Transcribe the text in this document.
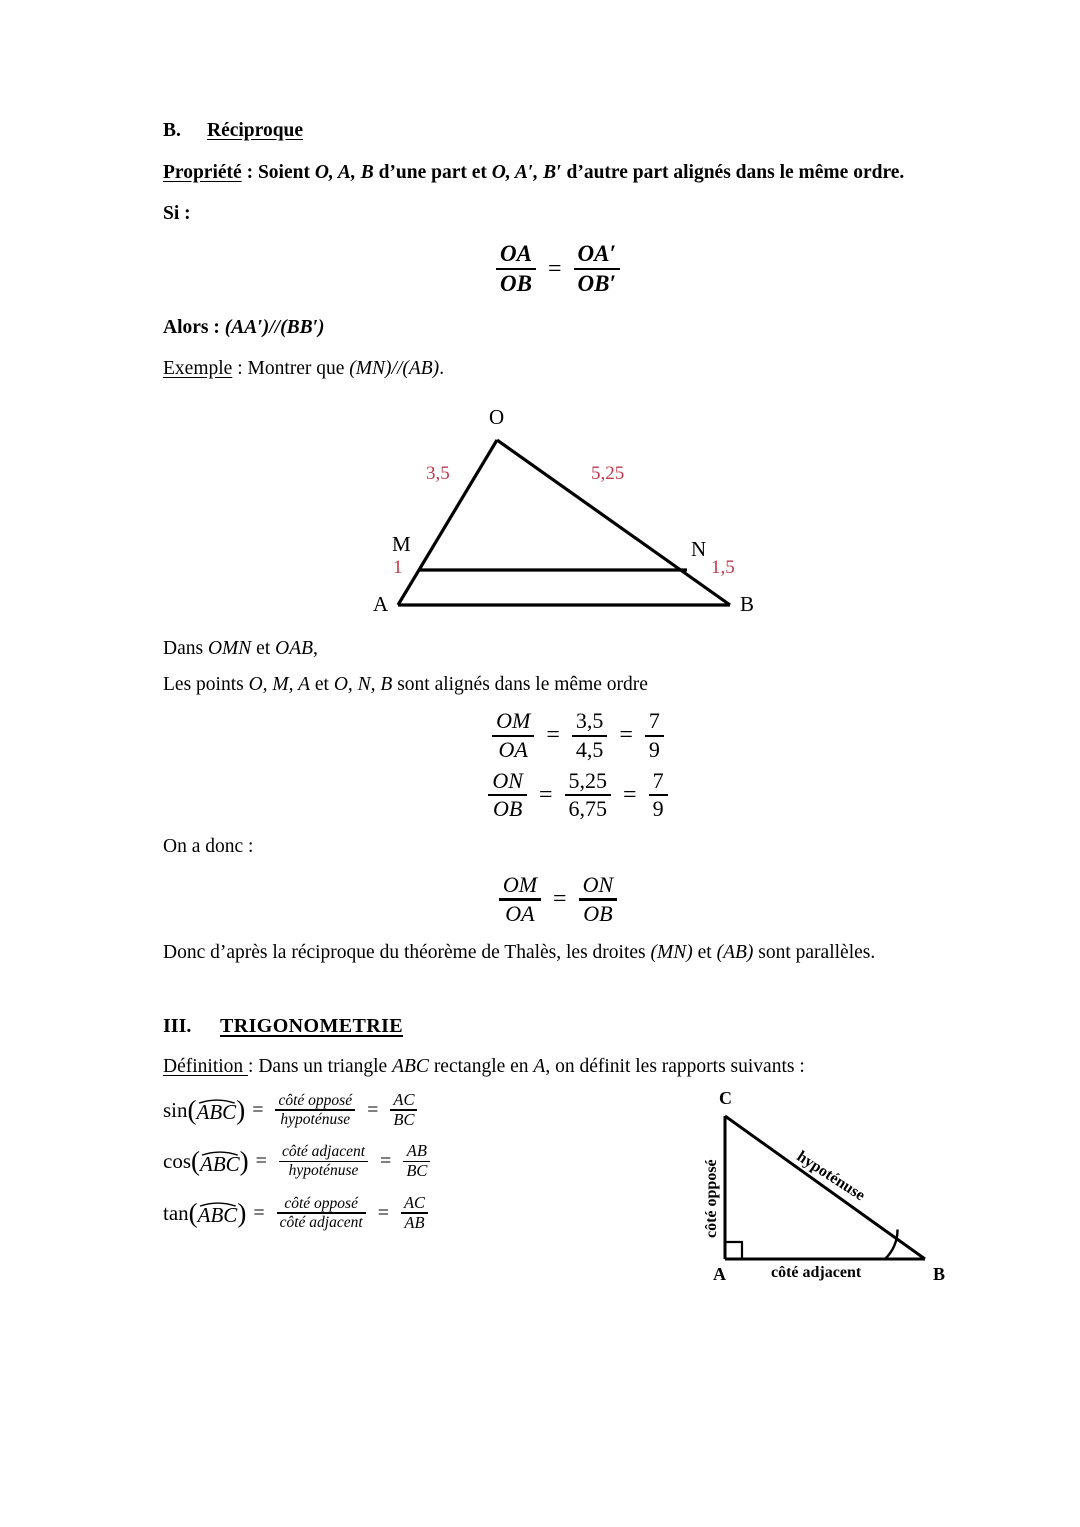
B.	Réciproque

Propriété : Soient O, A, B d’une part et O, A′, B′ d’autre part alignés dans le même ordre.

Si :

$\frac{OA}{OB} = \frac{OA'}{OB'}$

Alors : (AA′)//(BB′)

Exemple : Montrer que (MN)//(AB).

O
A	B
M	N
3,5	5,25
1	1,5

Dans OMN et OAB,

Les points O, M, A et O, N, B sont alignés dans le même ordre

$\frac{OM}{OA} = \frac{3,5}{4,5} = \frac{7}{9}$
$\frac{ON}{OB} = \frac{5,25}{6,75} = \frac{7}{9}$

On a donc :

$\frac{OM}{OA} = \frac{ON}{OB}$

Donc d’après la réciproque du théorème de Thalès, les droites (MN) et (AB) sont parallèles.

III.	TRIGONOMETRIE

Définition : Dans un triangle ABC rectangle en A, on définit les rapports suivants :

sin ( ABC ) = $\frac{\text{côté opposé}}{\text{hypoténuse}} = \frac{AC}{BC}$
cos ( ABC ) = $\frac{\text{côté adjacent}}{\text{hypoténuse}} = \frac{AB}{BC}$
tan ( ABC ) = $\frac{\text{côté opposé}}{\text{côté adjacent}} = \frac{AC}{AB}$
C
A	B
côté opposé	hypoténuse
côté adjacent
